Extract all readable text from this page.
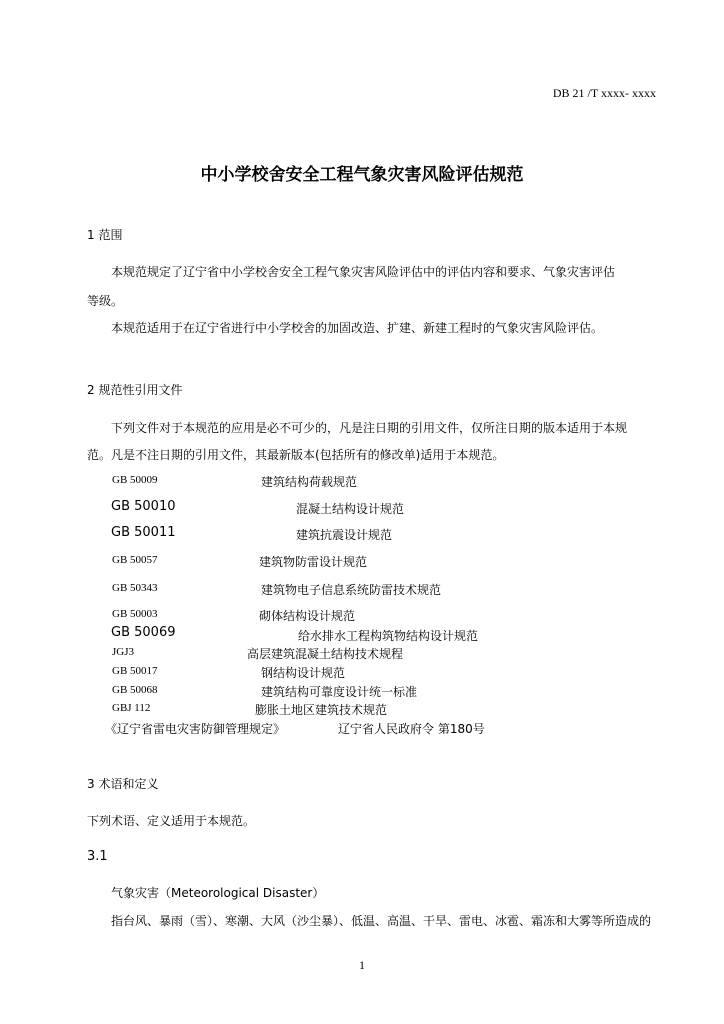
DB 21 /T xxxx- xxxx
中小学校舍安全工程气象灾害风险评估规范
1 范围
本规范规定了辽宁省中小学校舍安全工程气象灾害风险评估中的评估内容和要求、气象灾害评估
等级。
本规范适用于在辽宁省进行中小学校舍的加固改造、扩建、新建工程时的气象灾害风险评估。
2 规范性引用文件
下列文件对于本规范的应用是必不可少的，凡是注日期的引用文件，仅所注日期的版本适用于本规
范。凡是不注日期的引用文件，其最新版本(包括所有的修改单)适用于本规范。
GB 50009	建筑结构荷载规范
GB 50010	混凝土结构设计规范
GB 50011	建筑抗震设计规范
GB 50057	建筑物防雷设计规范
GB 50343	建筑物电子信息系统防雷技术规范
GB 50003	砌体结构设计规范
GB 50069	给水排水工程构筑物结构设计规范
JGJ3	高层建筑混凝土结构技术规程
GB 50017	钢结构设计规范
GB 50068	建筑结构可靠度设计统一标准
GBJ 112	膨胀土地区建筑技术规范
《辽宁省雷电灾害防御管理规定》	辽宁省人民政府令 第180号
3 术语和定义
下列术语、定义适用于本规范。
3.1
气象灾害（Meteorological Disaster）
指台风、暴雨（雪）、寒潮、大风（沙尘暴）、低温、高温、干旱、雷电、冰雹、霜冻和大雾等所造成的
1
